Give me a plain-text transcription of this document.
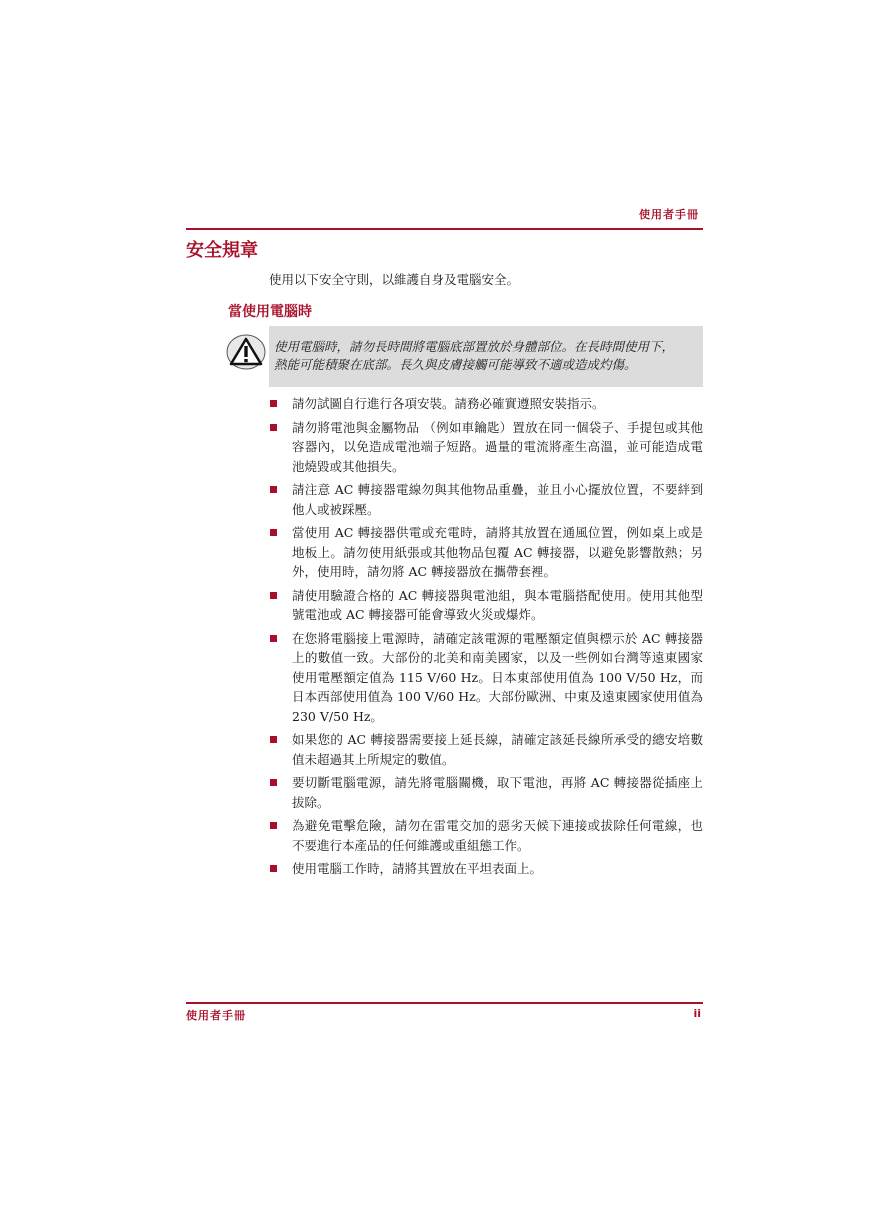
使用者手冊
安全規章

使用以下安全守則，以維護自身及電腦安全。

當使用電腦時

使用電腦時，請勿長時間將電腦底部置放於身體部位。在長時間使用下，
熱能可能積聚在底部。長久與皮膚接觸可能導致不適或造成灼傷。

請勿試圖自行進行各項安裝。請務必確實遵照安裝指示。
請勿將電池與金屬物品 （例如車鑰匙）置放在同一個袋子、手提包或其他容器內，以免造成電池端子短路。過量的電流將產生高溫，並可能造成電池燒毀或其他損失。
請注意 AC 轉接器電線勿與其他物品重疊，並且小心擺放位置，不要絆到他人或被踩壓。
當使用 AC 轉接器供電或充電時，請將其放置在通風位置，例如桌上或是地板上。請勿使用紙張或其他物品包覆 AC 轉接器，以避免影響散熱；另外，使用時，請勿將 AC 轉接器放在攜帶套裡。
請使用驗證合格的 AC 轉接器與電池組，與本電腦搭配使用。使用其他型號電池或 AC 轉接器可能會導致火災或爆炸。
在您將電腦接上電源時，請確定該電源的電壓額定值與標示於 AC 轉接器上的數值一致。大部份的北美和南美國家，以及一些例如台灣等遠東國家使用電壓額定值為 115 V/60 Hz。日本東部使用值為 100 V/50 Hz，而日本西部使用值為 100 V/60 Hz。大部份歐洲、中東及遠東國家使用值為 230 V/50 Hz。
如果您的 AC 轉接器需要接上延長線，請確定該延長線所承受的總安培數值未超過其上所規定的數值。
要切斷電腦電源，請先將電腦關機，取下電池，再將 AC 轉接器從插座上拔除。
為避免電擊危險，請勿在雷電交加的惡劣天候下連接或拔除任何電線，也不要進行本產品的任何維護或重組態工作。
使用電腦工作時，請將其置放在平坦表面上。
使用者手冊	ii
